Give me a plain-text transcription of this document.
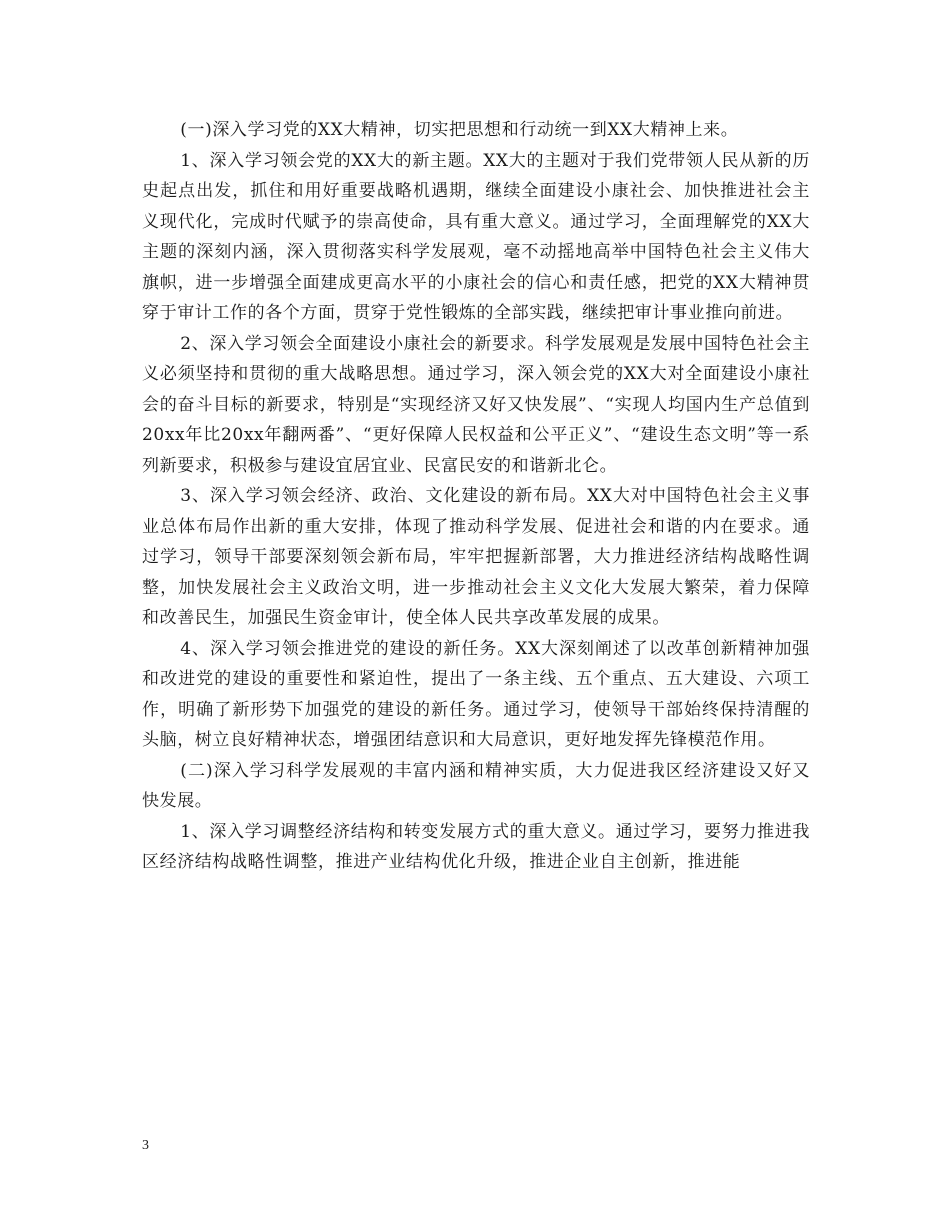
(一)深入学习党的XX大精神，切实把思想和行动统一到XX大精神上来。

1、深入学习领会党的XX大的新主题。XX大的主题对于我们党带领人民从新的历史起点出发，抓住和用好重要战略机遇期，继续全面建设小康社会、加快推进社会主义现代化，完成时代赋予的崇高使命，具有重大意义。通过学习，全面理解党的XX大主题的深刻内涵，深入贯彻落实科学发展观，毫不动摇地高举中国特色社会主义伟大旗帜，进一步增强全面建成更高水平的小康社会的信心和责任感，把党的XX大精神贯穿于审计工作的各个方面，贯穿于党性锻炼的全部实践，继续把审计事业推向前进。

2、深入学习领会全面建设小康社会的新要求。科学发展观是发展中国特色社会主义必须坚持和贯彻的重大战略思想。通过学习，深入领会党的XX大对全面建设小康社会的奋斗目标的新要求，特别是“实现经济又好又快发展”、“实现人均国内生产总值到20xx年比20xx年翻两番”、“更好保障人民权益和公平正义”、“建设生态文明”等一系列新要求，积极参与建设宜居宜业、民富民安的和谐新北仑。

3、深入学习领会经济、政治、文化建设的新布局。XX大对中国特色社会主义事业总体布局作出新的重大安排，体现了推动科学发展、促进社会和谐的内在要求。通过学习，领导干部要深刻领会新布局，牢牢把握新部署，大力推进经济结构战略性调整，加快发展社会主义政治文明，进一步推动社会主义文化大发展大繁荣，着力保障和改善民生，加强民生资金审计，使全体人民共享改革发展的成果。

4、深入学习领会推进党的建设的新任务。XX大深刻阐述了以改革创新精神加强和改进党的建设的重要性和紧迫性，提出了一条主线、五个重点、五大建设、六项工作，明确了新形势下加强党的建设的新任务。通过学习，使领导干部始终保持清醒的头脑，树立良好精神状态，增强团结意识和大局意识，更好地发挥先锋模范作用。

(二)深入学习科学发展观的丰富内涵和精神实质，大力促进我区经济建设又好又快发展。

1、深入学习调整经济结构和转变发展方式的重大意义。通过学习，要努力推进我区经济结构战略性调整，推进产业结构优化升级，推进企业自主创新，推进能

3
